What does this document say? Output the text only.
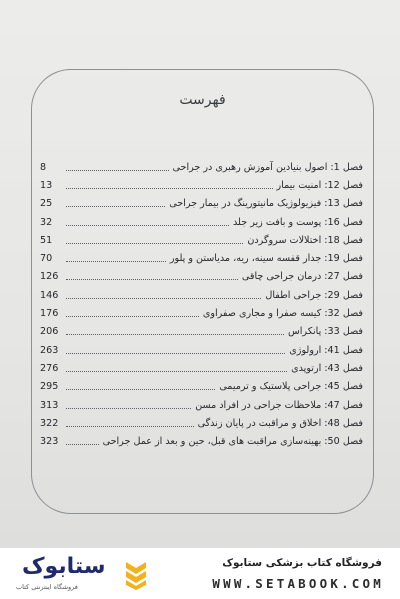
فهرست
فصل 1: اصول بنیادین آموزش رهبری در جراحی
8
فصل 12: امنیت بیمار
13
فصل 13: فیزیولوژیک مانیتورینگ در بیمار جراحی
25
فصل 16: پوست و بافت زیر جلد
32
فصل 18: اختلالات سروگردن
51
فصل 19: جدار قفسه سینه، ریه، مدیاستن و پلور
70
فصل 27: درمان جراحی چاقی
126
فصل 29: جراحی اطفال
146
فصل 32: کیسه صفرا و مجاری صفراوی
176
فصل 33: پانکراس
206
فصل 41: ارولوژی
263
فصل 43: ارتوپدی
276
فصل 45: جراحی پلاستیک و ترمیمی
295
فصل 47: ملاحظات جراحی در افراد مسن
313
فصل 48: اخلاق و مراقبت در پایان زندگی
322
فصل 50: بهینه‌سازی مراقبت های قبل، حین و بعد از عمل جراحی
323
ستابوک
فروشگاه اینترنتی کتاب
فروشگاه کتاب بزشکی ستابوک
WWW.SETABOOK.COM
